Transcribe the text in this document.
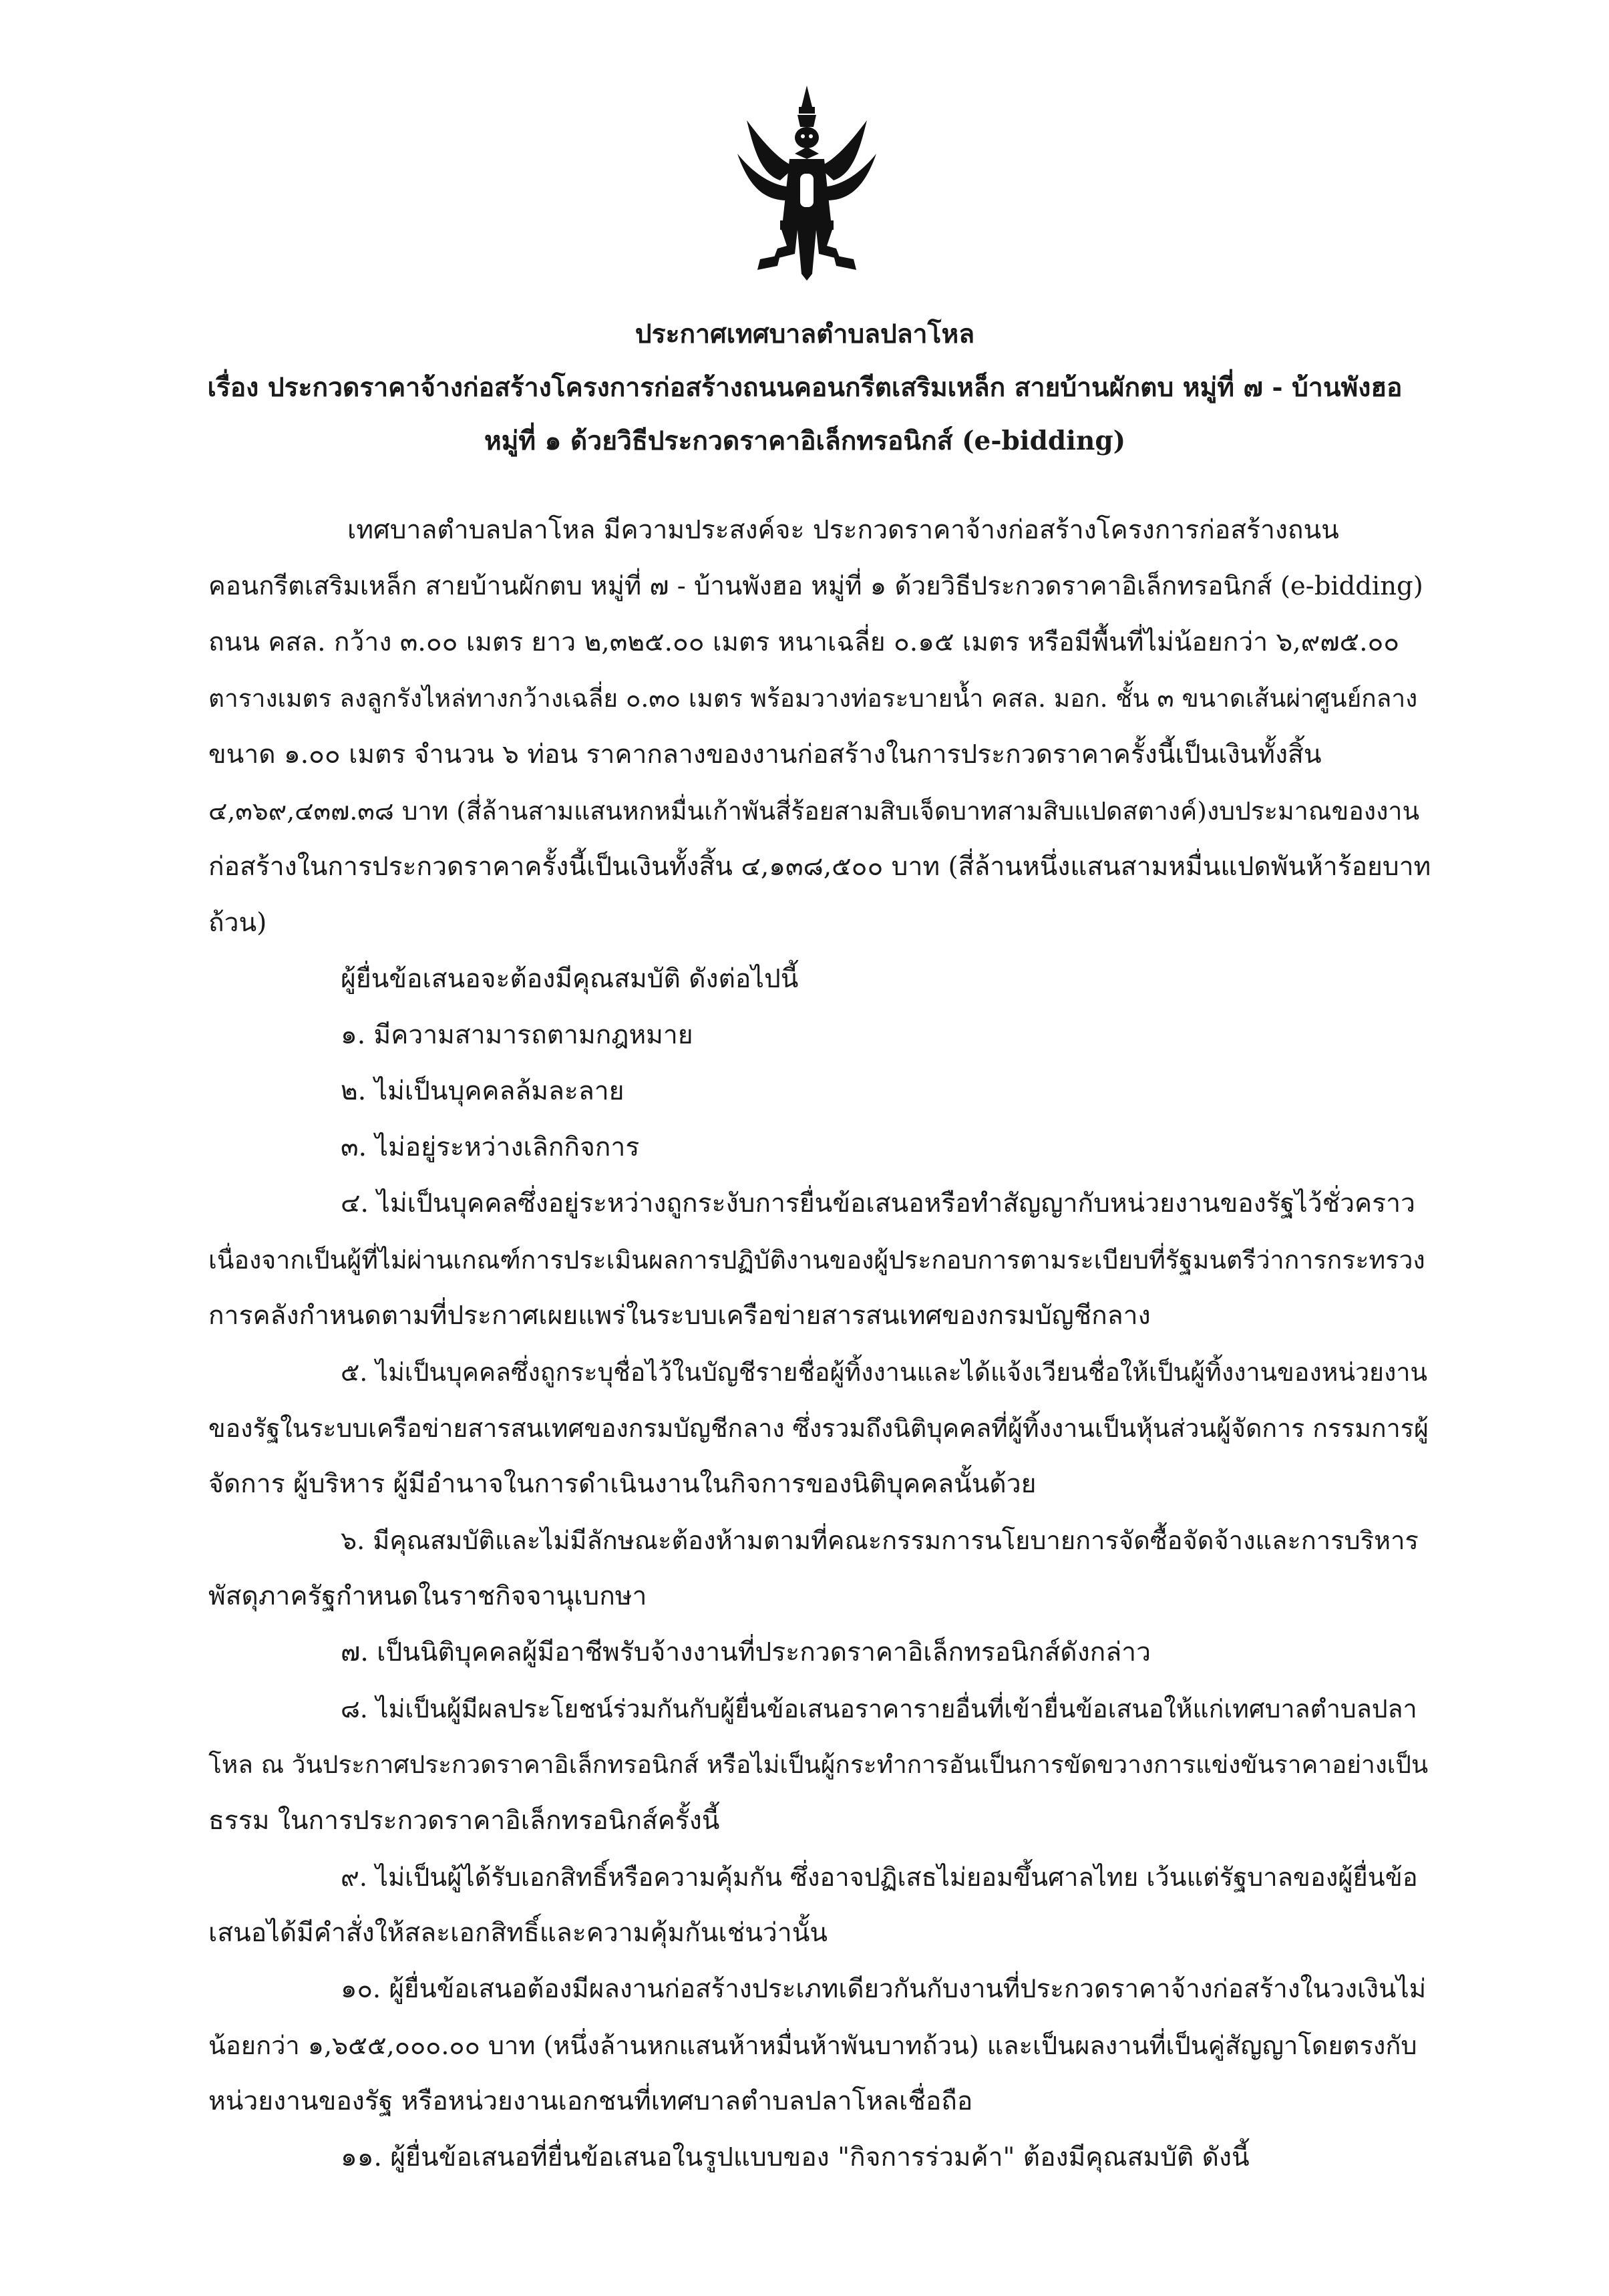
ประกาศเทศบาลตำบลปลาโหล
เรื่อง ประกวดราคาจ้างก่อสร้างโครงการก่อสร้างถนนคอนกรีตเสริมเหล็ก สายบ้านผักตบ หมู่ที่ ๗ - บ้านพังฮอ
หมู่ที่ ๑ ด้วยวิธีประกวดราคาอิเล็กทรอนิกส์ (e-bidding)
เทศบาลตำบลปลาโหล มีความประสงค์จะ ประกวดราคาจ้างก่อสร้างโครงการก่อสร้างถนน
คอนกรีตเสริมเหล็ก สายบ้านผักตบ หมู่ที่ ๗ - บ้านพังฮอ หมู่ที่ ๑ ด้วยวิธีประกวดราคาอิเล็กทรอนิกส์ (e-bidding)
ถนน คสล. กว้าง ๓.๐๐ เมตร ยาว ๒,๓๒๕.๐๐ เมตร หนาเฉลี่ย ๐.๑๕ เมตร หรือมีพื้นที่ไม่น้อยกว่า ๖,๙๗๕.๐๐
ตารางเมตร ลงลูกรังไหล่ทางกว้างเฉลี่ย ๐.๓๐ เมตร พร้อมวางท่อระบายน้ำ คสล. มอก. ชั้น ๓ ขนาดเส้นผ่าศูนย์กลาง
ขนาด ๑.๐๐ เมตร จำนวน ๖ ท่อน ราคากลางของงานก่อสร้างในการประกวดราคาครั้งนี้เป็นเงินทั้งสิ้น
๔,๓๖๙,๔๓๗.๓๘ บาท (สี่ล้านสามแสนหกหมื่นเก้าพันสี่ร้อยสามสิบเจ็ดบาทสามสิบแปดสตางค์)งบประมาณของงาน
ก่อสร้างในการประกวดราคาครั้งนี้เป็นเงินทั้งสิ้น ๔,๑๓๘,๕๐๐ บาท (สี่ล้านหนึ่งแสนสามหมื่นแปดพันห้าร้อยบาท
ถ้วน)
ผู้ยื่นข้อเสนอจะต้องมีคุณสมบัติ ดังต่อไปนี้
๑. มีความสามารถตามกฎหมาย
๒. ไม่เป็นบุคคลล้มละลาย
๓. ไม่อยู่ระหว่างเลิกกิจการ
๔. ไม่เป็นบุคคลซึ่งอยู่ระหว่างถูกระงับการยื่นข้อเสนอหรือทำสัญญากับหน่วยงานของรัฐไว้ชั่วคราว
เนื่องจากเป็นผู้ที่ไม่ผ่านเกณฑ์การประเมินผลการปฏิบัติงานของผู้ประกอบการตามระเบียบที่รัฐมนตรีว่าการกระทรวง
การคลังกำหนดตามที่ประกาศเผยแพร่ในระบบเครือข่ายสารสนเทศของกรมบัญชีกลาง
๕. ไม่เป็นบุคคลซึ่งถูกระบุชื่อไว้ในบัญชีรายชื่อผู้ทิ้งงานและได้แจ้งเวียนชื่อให้เป็นผู้ทิ้งงานของหน่วยงาน
ของรัฐในระบบเครือข่ายสารสนเทศของกรมบัญชีกลาง ซึ่งรวมถึงนิติบุคคลที่ผู้ทิ้งงานเป็นหุ้นส่วนผู้จัดการ กรรมการผู้
จัดการ ผู้บริหาร ผู้มีอำนาจในการดำเนินงานในกิจการของนิติบุคคลนั้นด้วย
๖. มีคุณสมบัติและไม่มีลักษณะต้องห้ามตามที่คณะกรรมการนโยบายการจัดซื้อจัดจ้างและการบริหาร
พัสดุภาครัฐกำหนดในราชกิจจานุเบกษา
๗. เป็นนิติบุคคลผู้มีอาชีพรับจ้างงานที่ประกวดราคาอิเล็กทรอนิกส์ดังกล่าว
๘. ไม่เป็นผู้มีผลประโยชน์ร่วมกันกับผู้ยื่นข้อเสนอราคารายอื่นที่เข้ายื่นข้อเสนอให้แก่เทศบาลตำบลปลา
โหล ณ วันประกาศประกวดราคาอิเล็กทรอนิกส์ หรือไม่เป็นผู้กระทำการอันเป็นการขัดขวางการแข่งขันราคาอย่างเป็น
ธรรม ในการประกวดราคาอิเล็กทรอนิกส์ครั้งนี้
๙. ไม่เป็นผู้ได้รับเอกสิทธิ์หรือความคุ้มกัน ซึ่งอาจปฏิเสธไม่ยอมขึ้นศาลไทย เว้นแต่รัฐบาลของผู้ยื่นข้อ
เสนอได้มีคำสั่งให้สละเอกสิทธิ์และความคุ้มกันเช่นว่านั้น
๑๐. ผู้ยื่นข้อเสนอต้องมีผลงานก่อสร้างประเภทเดียวกันกับงานที่ประกวดราคาจ้างก่อสร้างในวงเงินไม่
น้อยกว่า ๑,๖๕๕,๐๐๐.๐๐ บาท (หนึ่งล้านหกแสนห้าหมื่นห้าพันบาทถ้วน) และเป็นผลงานที่เป็นคู่สัญญาโดยตรงกับ
หน่วยงานของรัฐ หรือหน่วยงานเอกชนที่เทศบาลตำบลปลาโหลเชื่อถือ
๑๑. ผู้ยื่นข้อเสนอที่ยื่นข้อเสนอในรูปแบบของ "กิจการร่วมค้า" ต้องมีคุณสมบัติ ดังนี้
